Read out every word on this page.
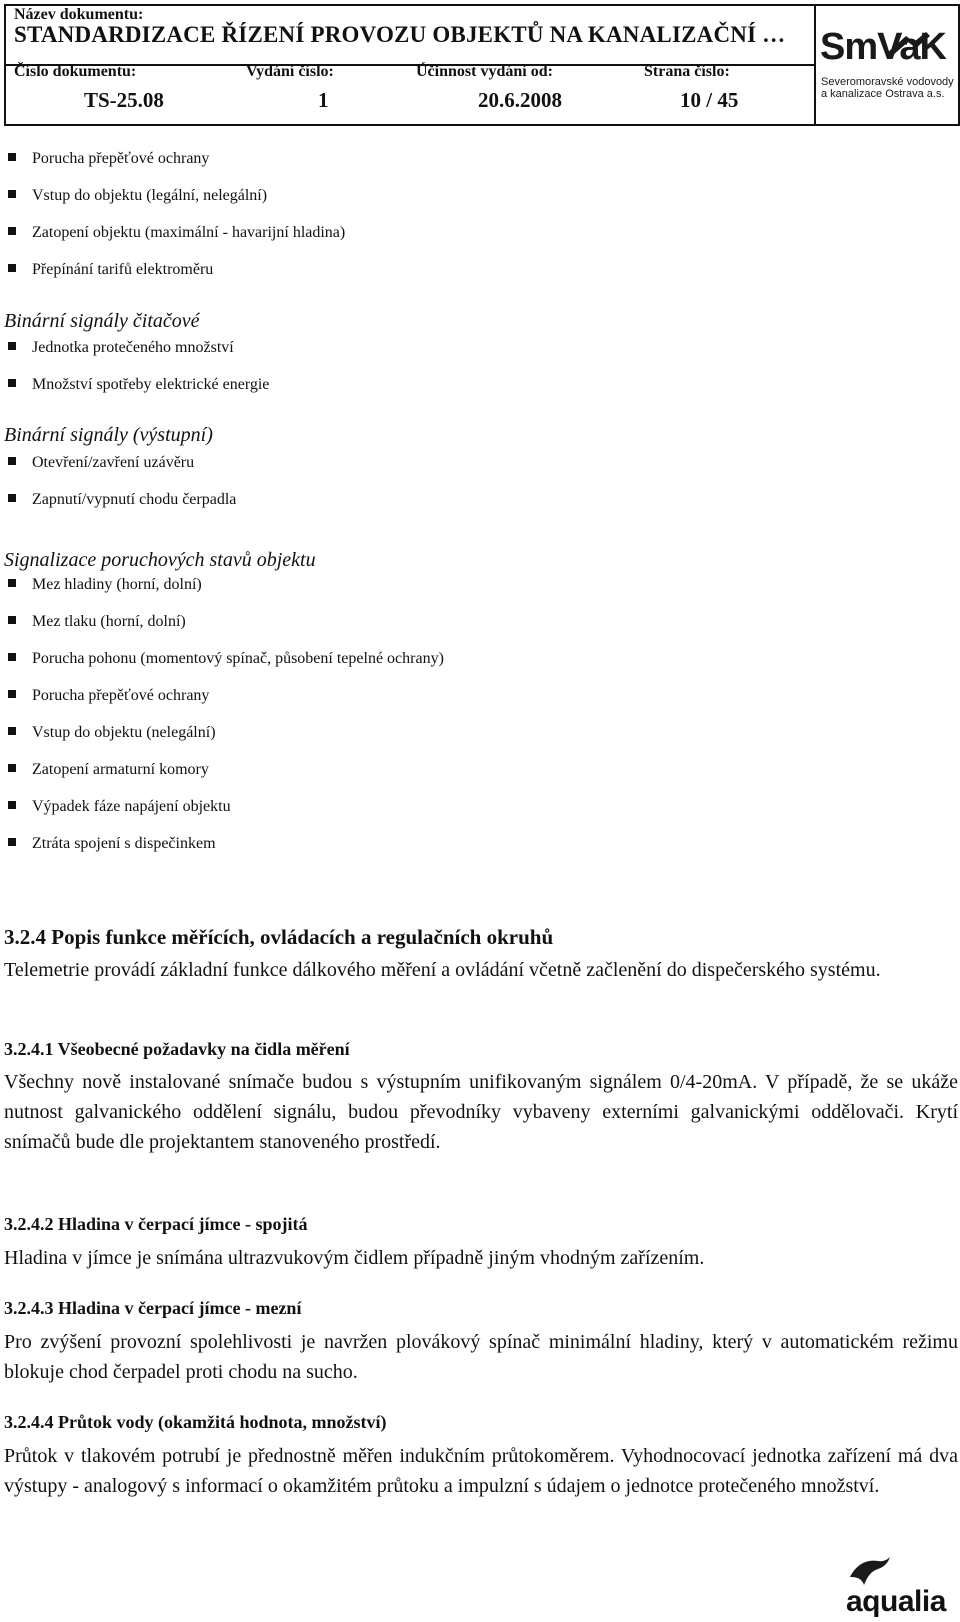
Název dokumentu:
STANDARDIZACE ŘÍZENÍ PROVOZU OBJEKTŮ NA KANALIZAČNÍ …
Číslo dokumentu:	Vydání číslo:	Účinnost vydání od:	Strana číslo:
TS-25.08	1	20.6.2008	10 / 45
SmVaK
Severomoravské vodovody
a kanalizace Ostrava a.s.
Porucha přepěťové ochrany
Vstup do objektu (legální, nelegální)
Zatopení objektu (maximální - havarijní hladina)
Přepínání tarifů elektroměru
Binární signály čitačové
Jednotka protečeného množství
Množství spotřeby elektrické energie
Binární signály (výstupní)
Otevření/zavření uzávěru
Zapnutí/vypnutí chodu čerpadla
Signalizace poruchových stavů objektu
Mez hladiny (horní, dolní)
Mez tlaku (horní, dolní)
Porucha pohonu (momentový spínač, působení tepelné ochrany)
Porucha přepěťové ochrany
Vstup do objektu (nelegální)
Zatopení armaturní komory
Výpadek fáze napájení objektu
Ztráta spojení s dispečinkem
3.2.4 Popis funkce měřících, ovládacích a regulačních okruhů
Telemetrie provádí základní funkce dálkového měření a ovládání včetně začlenění do dispečerského systému.
3.2.4.1 Všeobecné požadavky na čidla měření
Všechny nově instalované snímače budou s výstupním unifikovaným signálem 0/4-20mA. V případě, že se ukáže nutnost galvanického oddělení signálu, budou převodníky vybaveny externími galvanickými oddělovači. Krytí snímačů bude dle projektantem stanoveného prostředí.
3.2.4.2 Hladina v čerpací jímce - spojitá
Hladina v jímce je snímána ultrazvukovým čidlem případně jiným vhodným zařízením.
3.2.4.3 Hladina v čerpací jímce - mezní
Pro zvýšení provozní spolehlivosti je navržen plovákový spínač minimální hladiny, který v automatickém režimu blokuje chod čerpadel proti chodu na sucho.
3.2.4.4 Průtok vody (okamžitá hodnota, množství)
Průtok v tlakovém potrubí je přednostně měřen indukčním průtokoměrem. Vyhodnocovací jednotka zařízení má dva výstupy - analogový s informací o okamžitém průtoku a impulzní s údajem o jednotce protečeného množství.
aqualia
